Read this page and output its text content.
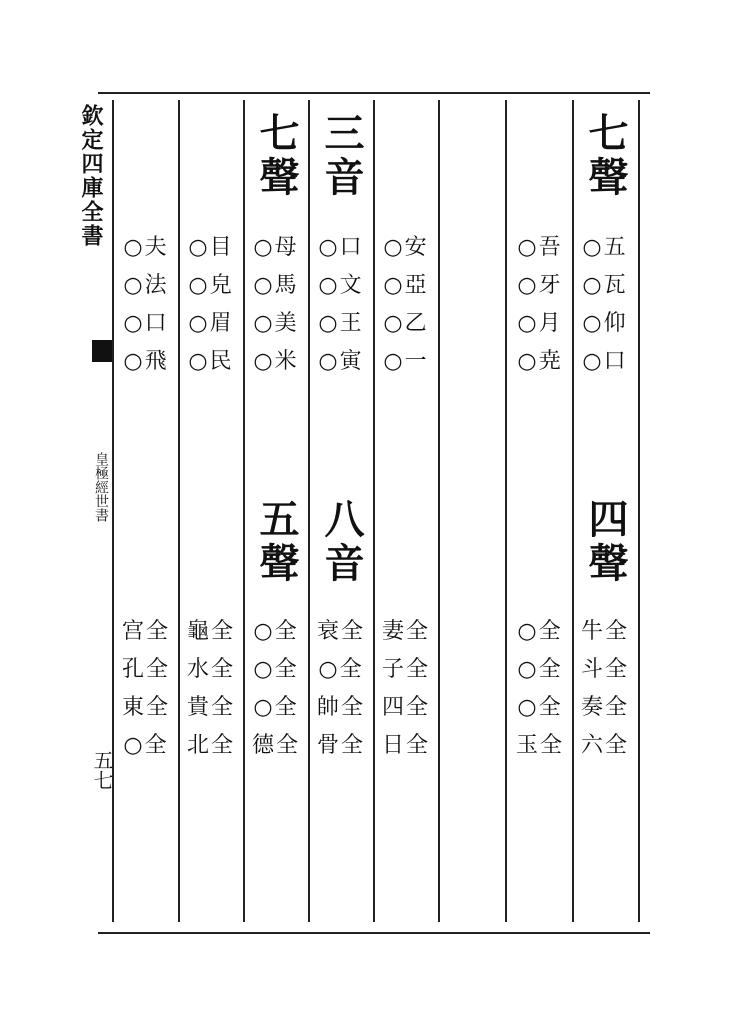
欽定四庫全書
皇極經世書
五七
七聲
○五
○瓦
○仰
○口
四聲
牛全
斗全
奏全
六全
○吾
○牙
○月
○尭
○全
○全
○全
玉全
○安
○亞
○乙
○一
妻全
子全
四全
日全
三音
○口
○文
○王
○寅
八音
衰全
○全
帥全
骨全
七聲
○母
○馬
○美
○米
五聲
○全
○全
○全
德全
○目
○皃
○眉
○民
龜全
水全
貴全
北全
○夫
○法
○口
○飛
宫全
孔全
東全
○全
